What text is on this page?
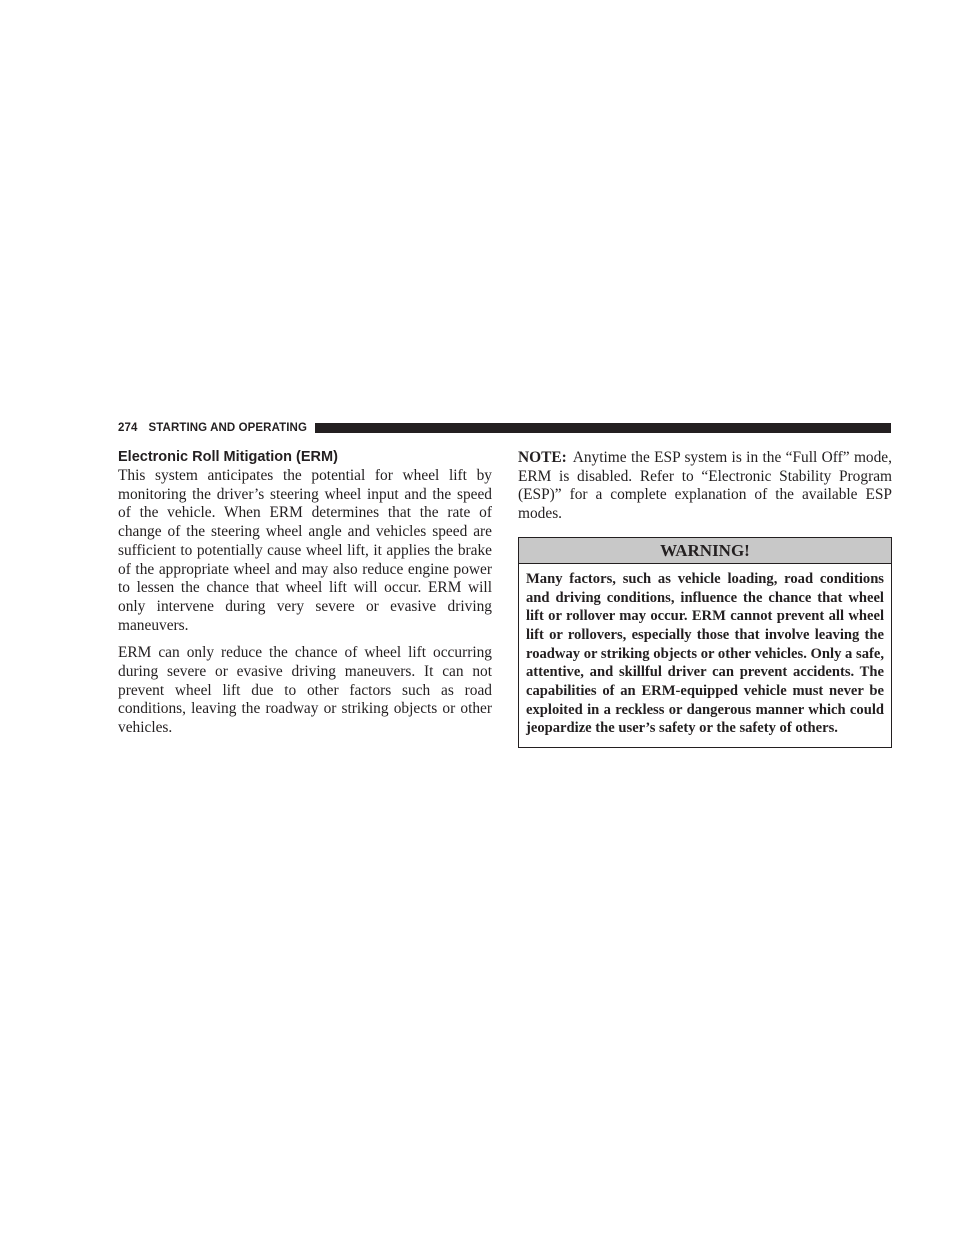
274 STARTING AND OPERATING
Electronic Roll Mitigation (ERM)

This system anticipates the potential for wheel lift by monitoring the driver’s steering wheel input and the speed of the vehicle. When ERM determines that the rate of change of the steering wheel angle and vehicles speed are sufficient to potentially cause wheel lift, it applies the brake of the appropriate wheel and may also reduce engine power to lessen the chance that wheel lift will occur. ERM will only intervene during very severe or evasive driving maneuvers.

ERM can only reduce the chance of wheel lift occurring during severe or evasive driving maneuvers. It can not prevent wheel lift due to other factors such as road conditions, leaving the roadway or striking objects or other vehicles.

NOTE: Anytime the ESP system is in the “Full Off” mode, ERM is disabled. Refer to “Electronic Stability Program (ESP)” for a complete explanation of the available ESP modes.

WARNING!
Many factors, such as vehicle loading, road conditions and driving conditions, influence the chance that wheel lift or rollover may occur. ERM cannot prevent all wheel lift or rollovers, especially those that involve leaving the roadway or striking objects or other vehicles. Only a safe, attentive, and skillful driver can prevent accidents. The capabilities of an ERM-equipped vehicle must never be exploited in a reckless or dangerous manner which could jeopardize the user’s safety or the safety of others.
